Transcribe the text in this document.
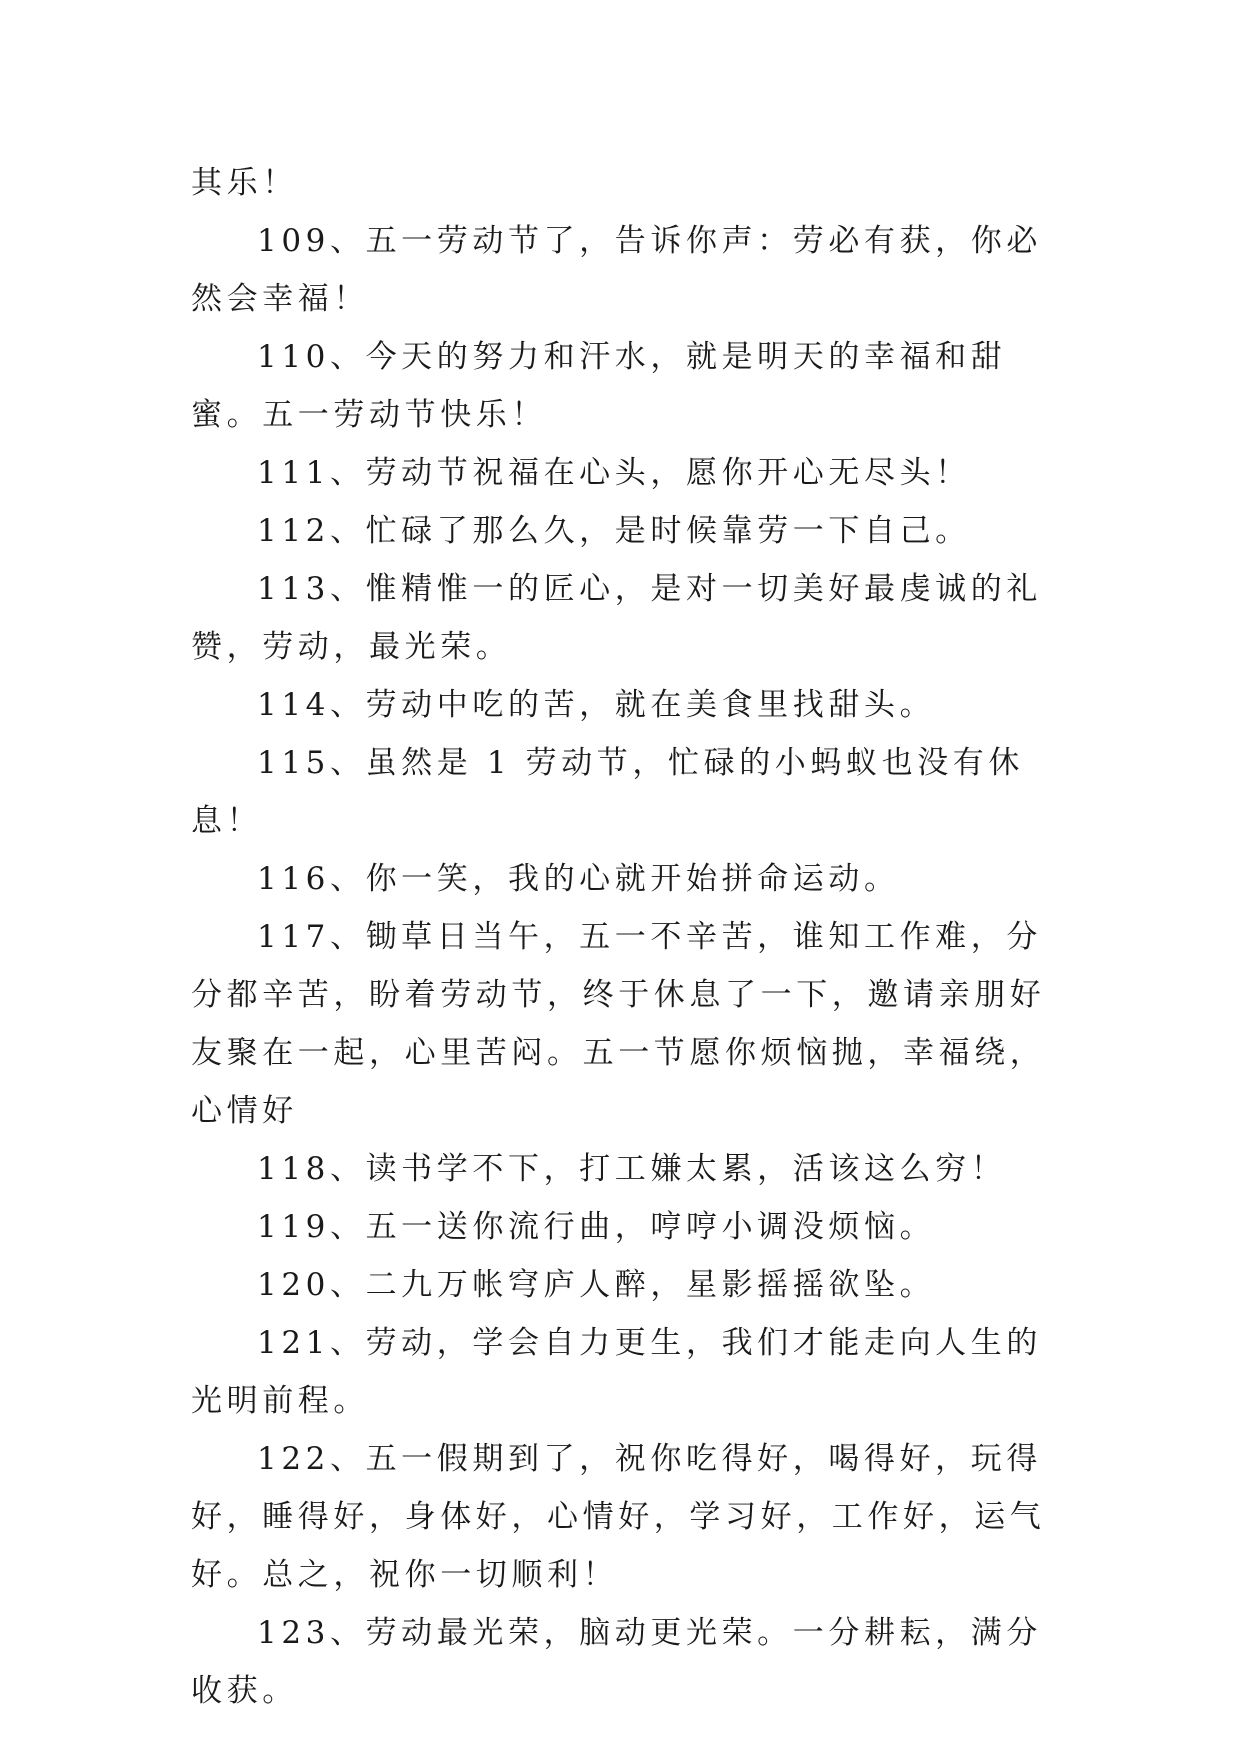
其乐！

109、五一劳动节了，告诉你声：劳必有获，你必然会幸福！

110、今天的努力和汗水，就是明天的幸福和甜蜜。五一劳动节快乐！

111、劳动节祝福在心头，愿你开心无尽头！

112、忙碌了那么久，是时候靠劳一下自己。

113、惟精惟一的匠心，是对一切美好最虔诚的礼赞，劳动，最光荣。

114、劳动中吃的苦，就在美食里找甜头。

115、虽然是 1 劳动节，忙碌的小蚂蚁也没有休息！

116、你一笑，我的心就开始拼命运动。

117、锄草日当午，五一不辛苦，谁知工作难，分分都辛苦，盼着劳动节，终于休息了一下，邀请亲朋好友聚在一起，心里苦闷。五一节愿你烦恼抛，幸福绕，心情好

118、读书学不下，打工嫌太累，活该这么穷！

119、五一送你流行曲，哼哼小调没烦恼。

120、二九万帐穹庐人醉，星影摇摇欲坠。

121、劳动，学会自力更生，我们才能走向人生的光明前程。

122、五一假期到了，祝你吃得好，喝得好，玩得好，睡得好，身体好，心情好，学习好，工作好，运气好。总之，祝你一切顺利！

123、劳动最光荣，脑动更光荣。一分耕耘，满分收获。
